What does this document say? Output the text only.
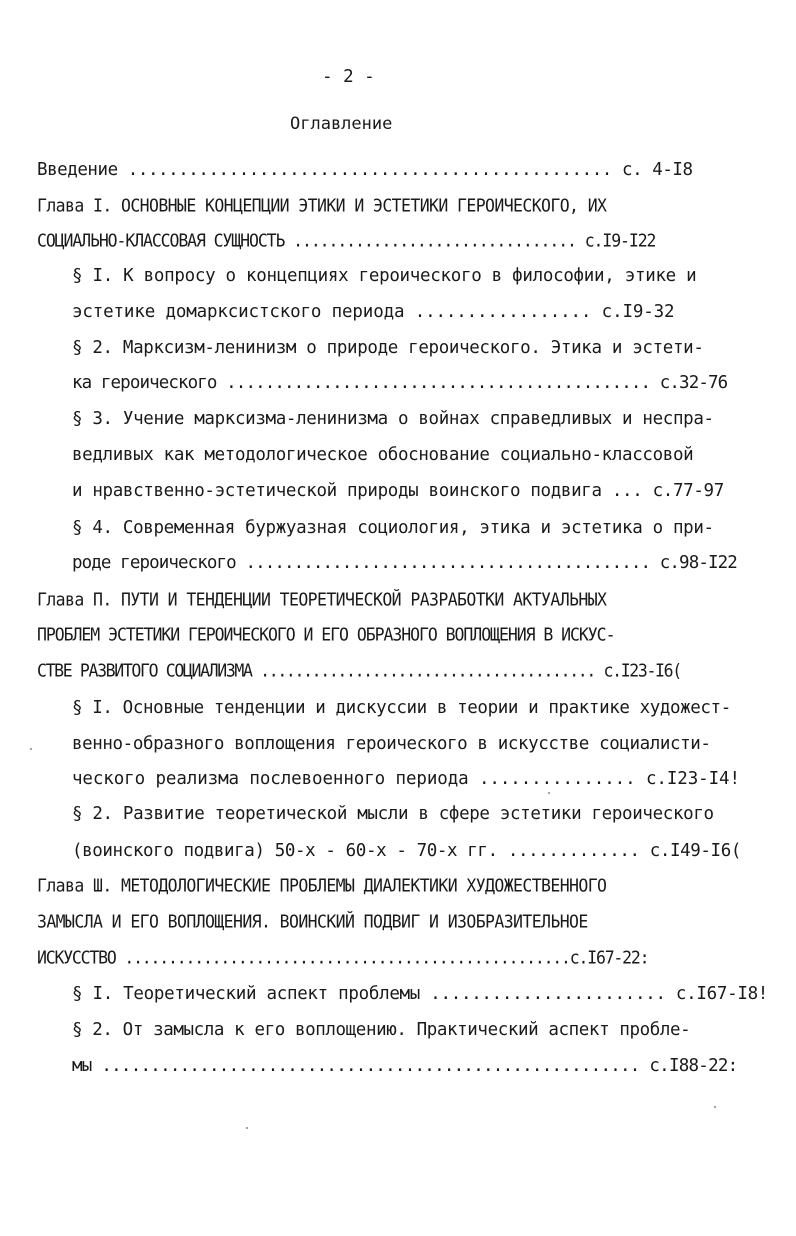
- 2 -
Оглавление
Введение ................................................ с. 4-I8
Глава I. ОСНОВНЫЕ КОНЦЕПЦИИ ЭТИКИ И ЭСТЕТИКИ ГЕРОИЧЕСКОГО, ИХ
СОЦИАЛЬНО-КЛАССОВАЯ СУЩНОСТЬ ................................ с.I9-I22
§ I. К вопросу о концепциях героического в философии, этике и
эстетике домарксистского периода ................. с.I9-32
§ 2. Марксизм-ленинизм о природе героического. Этика и эстети-
ка героического ............................................ с.32-76
§ 3. Учение марксизма-ленинизма о войнах справедливых и неспра-
ведливых как методологическое обоснование социально-классовой
и нравственно-эстетической природы воинского подвига ... с.77-97
§ 4. Современная буржуазная социология, этика и эстетика о при-
роде героического .......................................... с.98-I22
Глава П. ПУТИ И ТЕНДЕНЦИИ ТЕОРЕТИЧЕСКОЙ РАЗРАБОТКИ АКТУАЛЬНЫХ
ПРОБЛЕМ ЭСТЕТИКИ ГЕРОИЧЕСКОГО И ЕГО ОБРАЗНОГО ВОПЛОЩЕНИЯ В ИСКУС-
СТВЕ РАЗВИТОГО СОЦИАЛИЗМА ....................................... с.I23-I6(
§ I. Основные тенденции и дискуссии в теории и практике художест-
венно-образного воплощения героического в искусстве социалисти-
ческого реализма послевоенного периода ............... с.I23-I4!
§ 2. Развитие теоретической мысли в сфере эстетики героического
(воинского подвига) 50-х - 60-х - 70-х гг. ............. с.I49-I6(
Глава Ш. МЕТОДОЛОГИЧЕСКИЕ ПРОБЛЕМЫ ДИАЛЕКТИКИ ХУДОЖЕСТВЕННОГО
ЗАМЫСЛА И ЕГО ВОПЛОЩЕНИЯ. ВОИНСКИЙ ПОДВИГ И ИЗОБРАЗИТЕЛЬНОЕ
ИСКУССТВО ...................................................с.I67-22:
§ I. Теоретический аспект проблемы ....................... с.I67-I8!
§ 2. От замысла к его воплощению. Практический аспект пробле-
мы ....................................................... с.I88-22:
